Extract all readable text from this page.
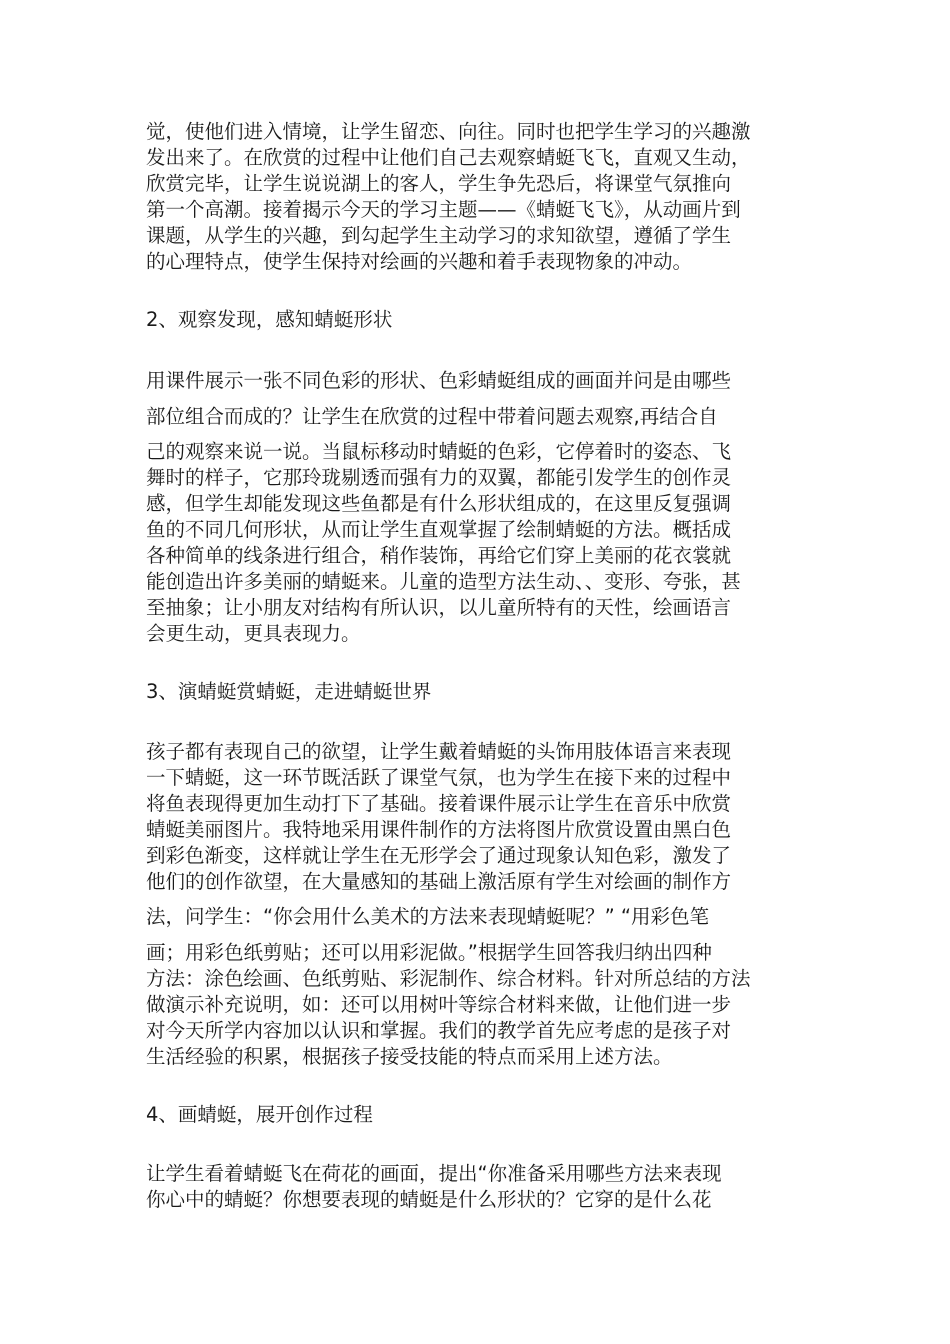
觉，使他们进入情境，让学生留恋、向往。同时也把学生学习的兴趣激
发出来了。在欣赏的过程中让他们自己去观察蜻蜓飞飞，直观又生动，
欣赏完毕，让学生说说湖上的客人，学生争先恐后，将课堂气氛推向
第一个高潮。接着揭示今天的学习主题——《蜻蜓飞飞》，从动画片到
课题，从学生的兴趣，到勾起学生主动学习的求知欲望，遵循了学生
的心理特点，使学生保持对绘画的兴趣和着手表现物象的冲动。
2、观察发现，感知蜻蜓形状
用课件展示一张不同色彩的形状、色彩蜻蜓组成的画面并问是由哪些
部位组合而成的？让学生在欣赏的过程中带着问题去观察,再结合自
己的观察来说一说。当鼠标移动时蜻蜓的色彩，它停着时的姿态、飞
舞时的样子，它那玲珑剔透而强有力的双翼，都能引发学生的创作灵
感，但学生却能发现这些鱼都是有什么形状组成的，在这里反复强调
鱼的不同几何形状，从而让学生直观掌握了绘制蜻蜓的方法。概括成
各种简单的线条进行组合，稍作装饰，再给它们穿上美丽的花衣裳就
能创造出许多美丽的蜻蜓来。儿童的造型方法生动、、变形、夸张，甚
至抽象；让小朋友对结构有所认识，以儿童所特有的天性，绘画语言
会更生动，更具表现力。
3、演蜻蜓赏蜻蜓，走进蜻蜓世界
孩子都有表现自己的欲望，让学生戴着蜻蜓的头饰用肢体语言来表现
一下蜻蜓，这一环节既活跃了课堂气氛，也为学生在接下来的过程中
将鱼表现得更加生动打下了基础。接着课件展示让学生在音乐中欣赏
蜻蜓美丽图片。我特地采用课件制作的方法将图片欣赏设置由黑白色
到彩色渐变，这样就让学生在无形学会了通过现象认知色彩，激发了
他们的创作欲望，在大量感知的基础上激活原有学生对绘画的制作方
法，问学生：“你会用什么美术的方法来表现蜻蜓呢？” “用彩色笔
画；用彩色纸剪贴；还可以用彩泥做。”根据学生回答我归纳出四种
方法：涂色绘画、色纸剪贴、彩泥制作、综合材料。针对所总结的方法
做演示补充说明，如：还可以用树叶等综合材料来做，让他们进一步
对今天所学内容加以认识和掌握。我们的教学首先应考虑的是孩子对
生活经验的积累，根据孩子接受技能的特点而采用上述方法。
4、画蜻蜓，展开创作过程
让学生看着蜻蜓飞在荷花的画面，提出“你准备采用哪些方法来表现
你心中的蜻蜓？你想要表现的蜻蜓是什么形状的？它穿的是什么花
